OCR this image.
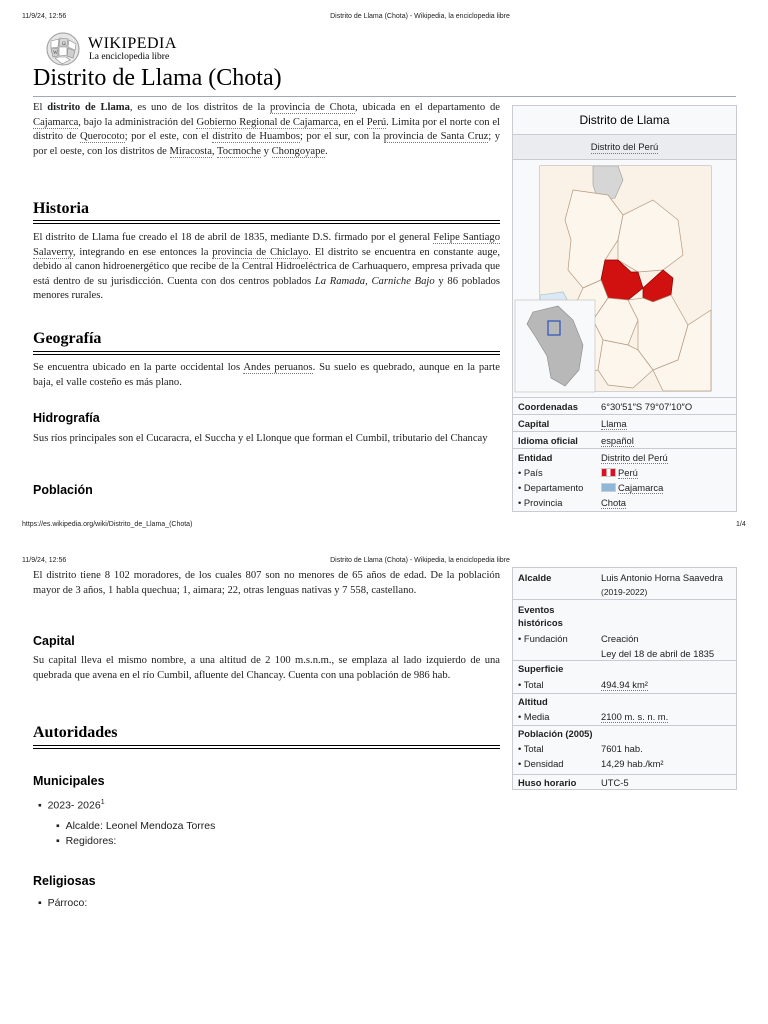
11/9/24, 12:56	Distrito de Llama (Chota) - Wikipedia, la enciclopedia libre
Ω
W
WIKIPEDIA
La enciclopedia libre
Distrito de Llama (Chota)
El distrito de Llama, es uno de los distritos de la provincia de Chota, ubicada en el departamento de Cajamarca, bajo la administración del Gobierno Regional de Cajamarca, en el Perú. Limita por el norte con el distrito de Querocoto; por el este, con el distrito de Huambos; por el sur, con la provincia de Santa Cruz; y por el oeste, con los distritos de Miracosta, Tocmoche y Chongoyape.
Historia
El distrito de Llama fue creado el 18 de abril de 1835, mediante D.S. firmado por el general Felipe Santiago Salaverry, integrando en ese entonces la provincia de Chiclayo. El distrito se encuentra en constante auge, debido al canon hidroenergético que recibe de la Central Hidroeléctrica de Carhuaquero, empresa privada que está dentro de su jurisdicción. Cuenta con dos centros poblados La Ramada, Carniche Bajo y 86 poblados menores rurales.
Geografía
Se encuentra ubicado en la parte occidental los Andes peruanos. Su suelo es quebrado, aunque en la parte baja, el valle costeño es más plano.
Hidrografía
Sus ríos principales son el Cucaracra, el Succha y el Llonque que forman el Cumbil, tributario del Chancay
Población
Distrito de Llama
Distrito del Perú
Coordenadas 6°30′51″S 79°07′10″O
Capital	Llama
Idioma oficial español
Entidad	Distrito del Perú
• País	Perú
• Departamento	Cajamarca
• Provincia	Chota
https://es.wikipedia.org/wiki/Distrito_de_Llama_(Chota)	1/4
11/9/24, 12:56	Distrito de Llama (Chota) - Wikipedia, la enciclopedia libre
El distrito tiene 8 102 moradores, de los cuales 807 son no menores de 65 años de edad. De la población mayor de 3 años, 1 habla quechua; 1, aimara; 22, otras lenguas nativas y 7 558, castellano.
Capital
Su capital lleva el mismo nombre, a una altitud de 2 100 m.s.n.m., se emplaza al lado izquierdo de una quebrada que avena en el río Cumbil, afluente del Chancay. Cuenta con una población de 986 hab.
Autoridades
Municipales
▪  2023- 2026$^1$
▪  Alcalde: Leonel Mendoza Torres
▪  Regidores:
Religiosas
▪  Párroco:
Alcalde	Luis Antonio Horna Saavedra
(2019-2022)
Eventos históricos
• Fundación	Creación
Ley del 18 de abril de 1835
Superficie
• Total	494.94 km²
Altitud
• Media	2100 m. s. n. m.
Población (2005)
• Total	7601 hab.
• Densidad	14,29 hab./km²
Huso horario	UTC-5
